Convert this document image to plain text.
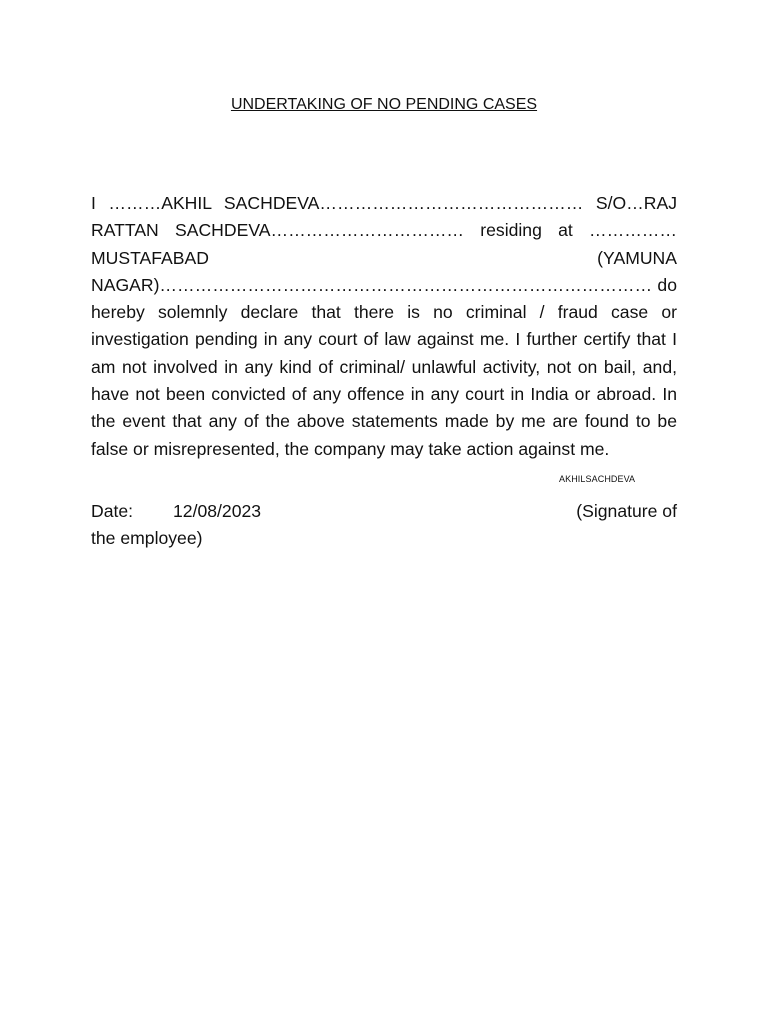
UNDERTAKING OF NO PENDING CASES
I ………AKHIL SACHDEVA……………………………………… S/O…RAJ RATTAN SACHDEVA…………………………… residing at ……………MUSTAFABAD (YAMUNA NAGAR)………………………………………………………………………… do hereby solemnly declare that there is no criminal / fraud case or investigation pending in any court of law against me. I further certify that I am not involved in any kind of criminal/ unlawful activity, not on bail, and, have not been convicted of any offence in any court in India or abroad. In the event that any of the above statements made by me are found to be false or misrepresented, the company may take action against me.
AKHILSACHDEVA
Date:	12/08/2023	(Signature of
the employee)
